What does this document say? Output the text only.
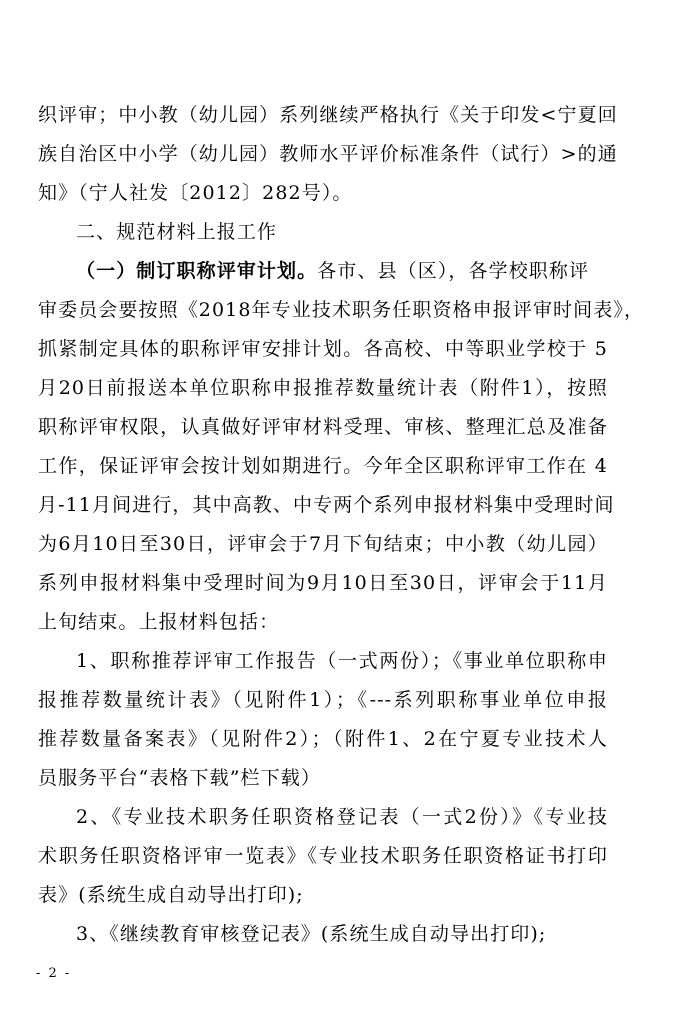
织评审；中小教（幼儿园）系列继续严格执行《关于印发<宁夏回
族自治区中小学（幼儿园）教师水平评价标准条件（试行）>的通
知》（宁人社发〔2012〕282号）。
二、规范材料上报工作
（一）制订职称评审计划。各市、县（区），各学校职称评
审委员会要按照《2018年专业技术职务任职资格申报评审时间表》，
抓紧制定具体的职称评审安排计划。各高校、中等职业学校于 5
月20日前报送本单位职称申报推荐数量统计表（附件1），按照
职称评审权限，认真做好评审材料受理、审核、整理汇总及准备
工作，保证评审会按计划如期进行。今年全区职称评审工作在 4
月-11月间进行，其中高教、中专两个系列申报材料集中受理时间
为6月10日至30日，评审会于7月下旬结束；中小教（幼儿园）
系列申报材料集中受理时间为9月10日至30日，评审会于11月
上旬结束。上报材料包括：
1、职称推荐评审工作报告（一式两份）；《事业单位职称申
报推荐数量统计表》（见附件1）；《---系列职称事业单位申报
推荐数量备案表》（见附件2）；（附件1、2在宁夏专业技术人
员服务平台“表格下载”栏下载）
2、《专业技术职务任职资格登记表（一式2份）》《专业技
术职务任职资格评审一览表》《专业技术职务任职资格证书打印
表》(系统生成自动导出打印);
3、《继续教育审核登记表》(系统生成自动导出打印);
- 2 -
